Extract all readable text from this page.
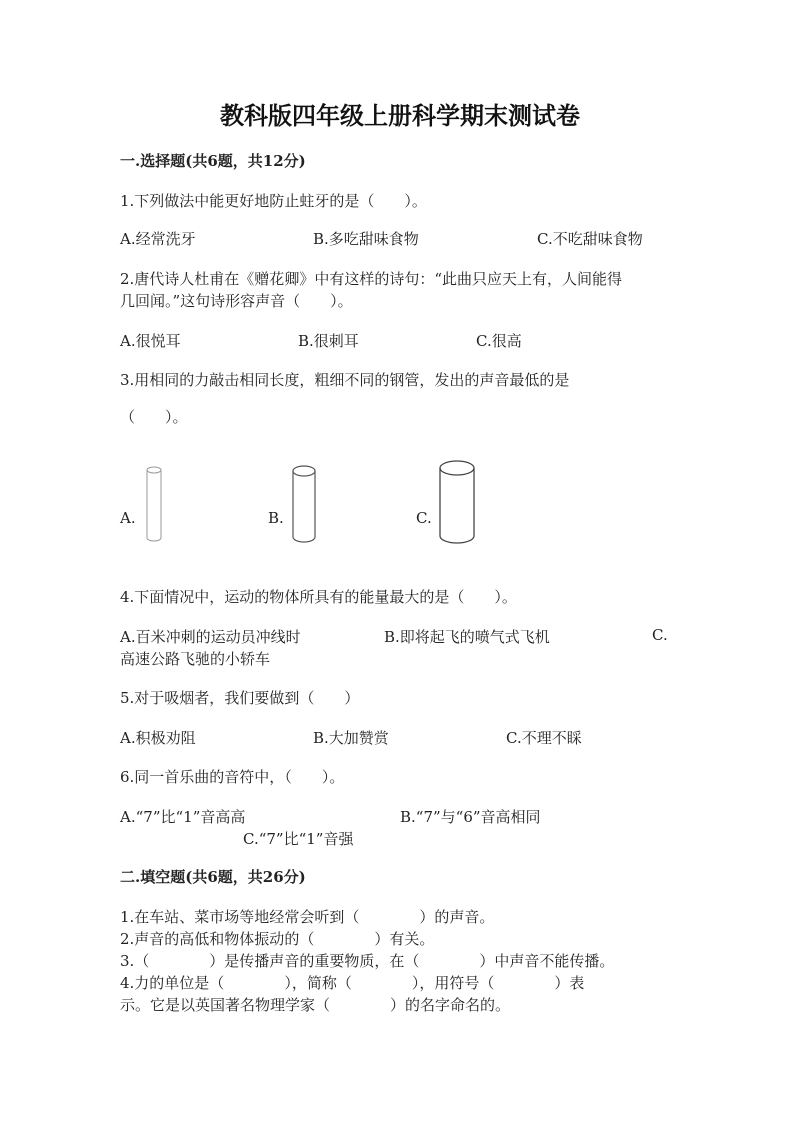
教科版四年级上册科学期末测试卷
一.选择题(共6题，共12分)
1.下列做法中能更好地防止蛀牙的是（　　）。
A.经常洗牙	B.多吃甜味食物	C.不吃甜味食物
2.唐代诗人杜甫在《赠花卿》中有这样的诗句：“此曲只应天上有，人间能得
几回闻。”这句诗形容声音（　　）。
A.很悦耳	B.很刺耳	C.很高
3.用相同的力敲击相同长度，粗细不同的钢管，发出的声音最低的是
（　　）。
A.	B.	C.
4.下面情况中，运动的物体所具有的能量最大的是（　　）。
A.百米冲刺的运动员冲线时	B.即将起飞的喷气式飞机	C.
高速公路飞驰的小轿车
5.对于吸烟者，我们要做到（　　）
A.积极劝阻	B.大加赞赏	C.不理不睬
6.同一首乐曲的音符中，（　　）。
A.“7”比“1”音高高	B.“7”与“6”音高相同
C.“7”比“1”音强
二.填空题(共6题，共26分)
1.在车站、菜市场等地经常会听到（　　　　）的声音。
2.声音的高低和物体振动的（　　　　）有关。
3.（　　　　）是传播声音的重要物质，在（　　　　）中声音不能传播。
4.力的单位是（　　　　），简称（　　　　），用符号（　　　　）表
示。它是以英国著名物理学家（　　　　）的名字命名的。
